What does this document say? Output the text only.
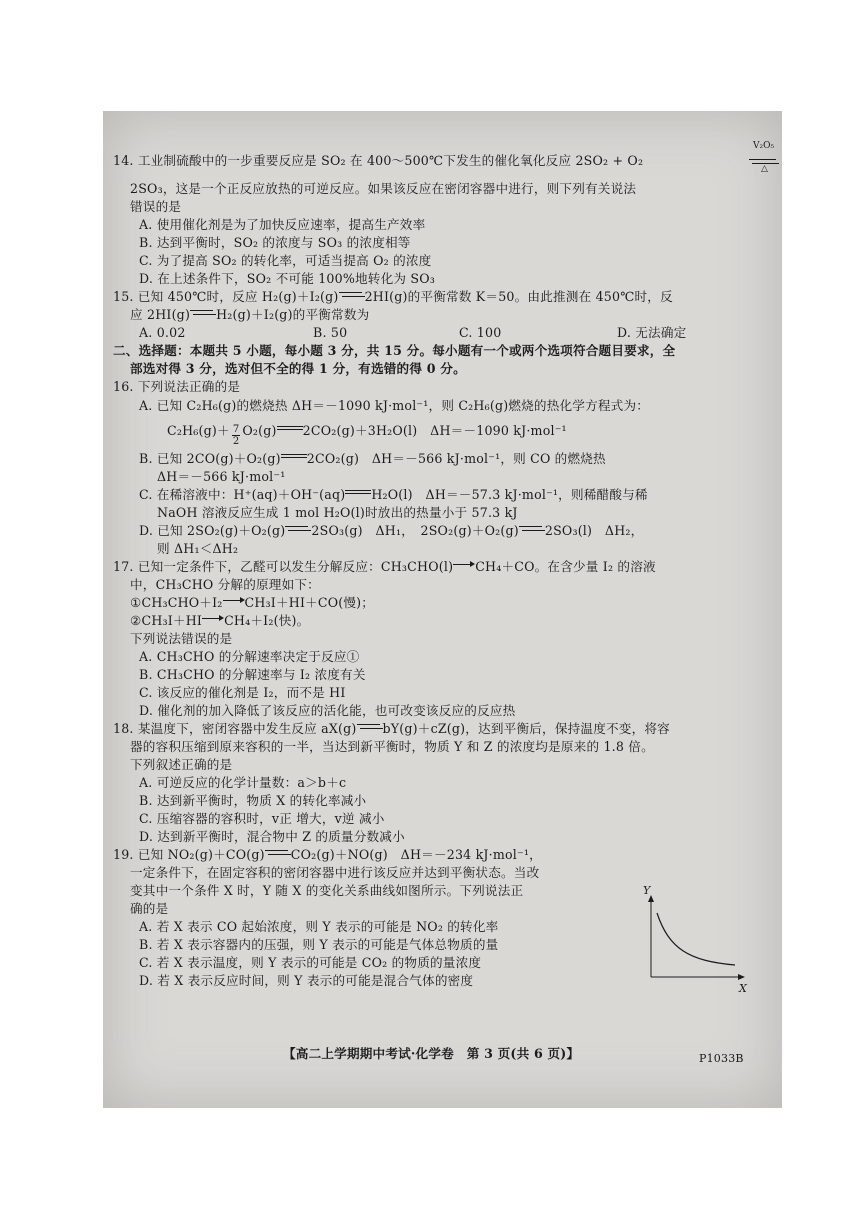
14. 工业制硫酸中的一步重要反应是 SO₂ 在 400～500℃下发生的催化氧化反应 2SO₂ + O₂
V₂O₅
△
2SO₃，这是一个正反应放热的可逆反应。如果该反应在密闭容器中进行，则下列有关说法
错误的是
A. 使用催化剂是为了加快反应速率，提高生产效率
B. 达到平衡时，SO₂ 的浓度与 SO₃ 的浓度相等
C. 为了提高 SO₂ 的转化率，可适当提高 O₂ 的浓度
D. 在上述条件下，SO₂ 不可能 100%地转化为 SO₃
15. 已知 450℃时，反应 H₂(g)＋I₂(g) 2HI(g)的平衡常数 K＝50。由此推测在 450℃时，反
应 2HI(g) H₂(g)＋I₂(g)的平衡常数为
A. 0.02	B. 50	C. 100	D. 无法确定
二、选择题：本题共 5 小题，每小题 3 分，共 15 分。每小题有一个或两个选项符合题目要求，全
部选对得 3 分，选对但不全的得 1 分，有选错的得 0 分。
16. 下列说法正确的是
A. 已知 C₂H₆(g)的燃烧热 ΔH＝－1090 kJ·mol⁻¹，则 C₂H₆(g)燃烧的热化学方程式为：
$C_2H_6(g)+ \frac{7}{2} O_2(g)$ 2CO₂(g)＋3H₂O(l)　ΔH＝－1090 kJ·mol⁻¹
B. 已知 2CO(g)＋O₂(g) 2CO₂(g)　ΔH＝－566 kJ·mol⁻¹，则 CO 的燃烧热
ΔH＝－566 kJ·mol⁻¹
C. 在稀溶液中：H⁺(aq)＋OH⁻(aq) H₂O(l)　ΔH＝－57.3 kJ·mol⁻¹，则稀醋酸与稀
NaOH 溶液反应生成 1 mol H₂O(l)时放出的热量小于 57.3 kJ
D. 已知 2SO₂(g)＋O₂(g) 2SO₃(g)　ΔH₁，　2SO₂(g)＋O₂(g) 2SO₃(l)　ΔH₂，
则 ΔH₁＜ΔH₂
17. 已知一定条件下，乙醛可以发生分解反应：CH₃CHO(l) CH₄＋CO。在含少量 I₂ 的溶液
中，CH₃CHO 分解的原理如下：
①CH₃CHO＋I₂ CH₃I＋HI＋CO(慢)；
②CH₃I＋HI CH₄＋I₂(快)。
下列说法错误的是
A. CH₃CHO 的分解速率决定于反应①
B. CH₃CHO 的分解速率与 I₂ 浓度有关
C. 该反应的催化剂是 I₂，而不是 HI
D. 催化剂的加入降低了该反应的活化能，也可改变该反应的反应热
18. 某温度下，密闭容器中发生反应 aX(g) bY(g)＋cZ(g)，达到平衡后，保持温度不变，将容
器的容积压缩到原来容积的一半，当达到新平衡时，物质 Y 和 Z 的浓度均是原来的 1.8 倍。
下列叙述正确的是
A. 可逆反应的化学计量数：a＞b＋c
B. 达到新平衡时，物质 X 的转化率减小
C. 压缩容器的容积时，v正 增大，v逆 减小
D. 达到新平衡时，混合物中 Z 的质量分数减小
19. 已知 NO₂(g)＋CO(g) CO₂(g)＋NO(g)　ΔH＝－234 kJ·mol⁻¹，
一定条件下，在固定容积的密闭容器中进行该反应并达到平衡状态。当改
变其中一个条件 X 时，Y 随 X 的变化关系曲线如图所示。下列说法正
确的是
A. 若 X 表示 CO 起始浓度，则 Y 表示的可能是 NO₂ 的转化率
B. 若 X 表示容器内的压强，则 Y 表示的可能是气体总物质的量
C. 若 X 表示温度，则 Y 表示的可能是 CO₂ 的物质的量浓度
D. 若 X 表示反应时间，则 Y 表示的可能是混合气体的密度
Y
X
【高二上学期期中考试·化学卷　第 3 页(共 6 页)】	P1033B
